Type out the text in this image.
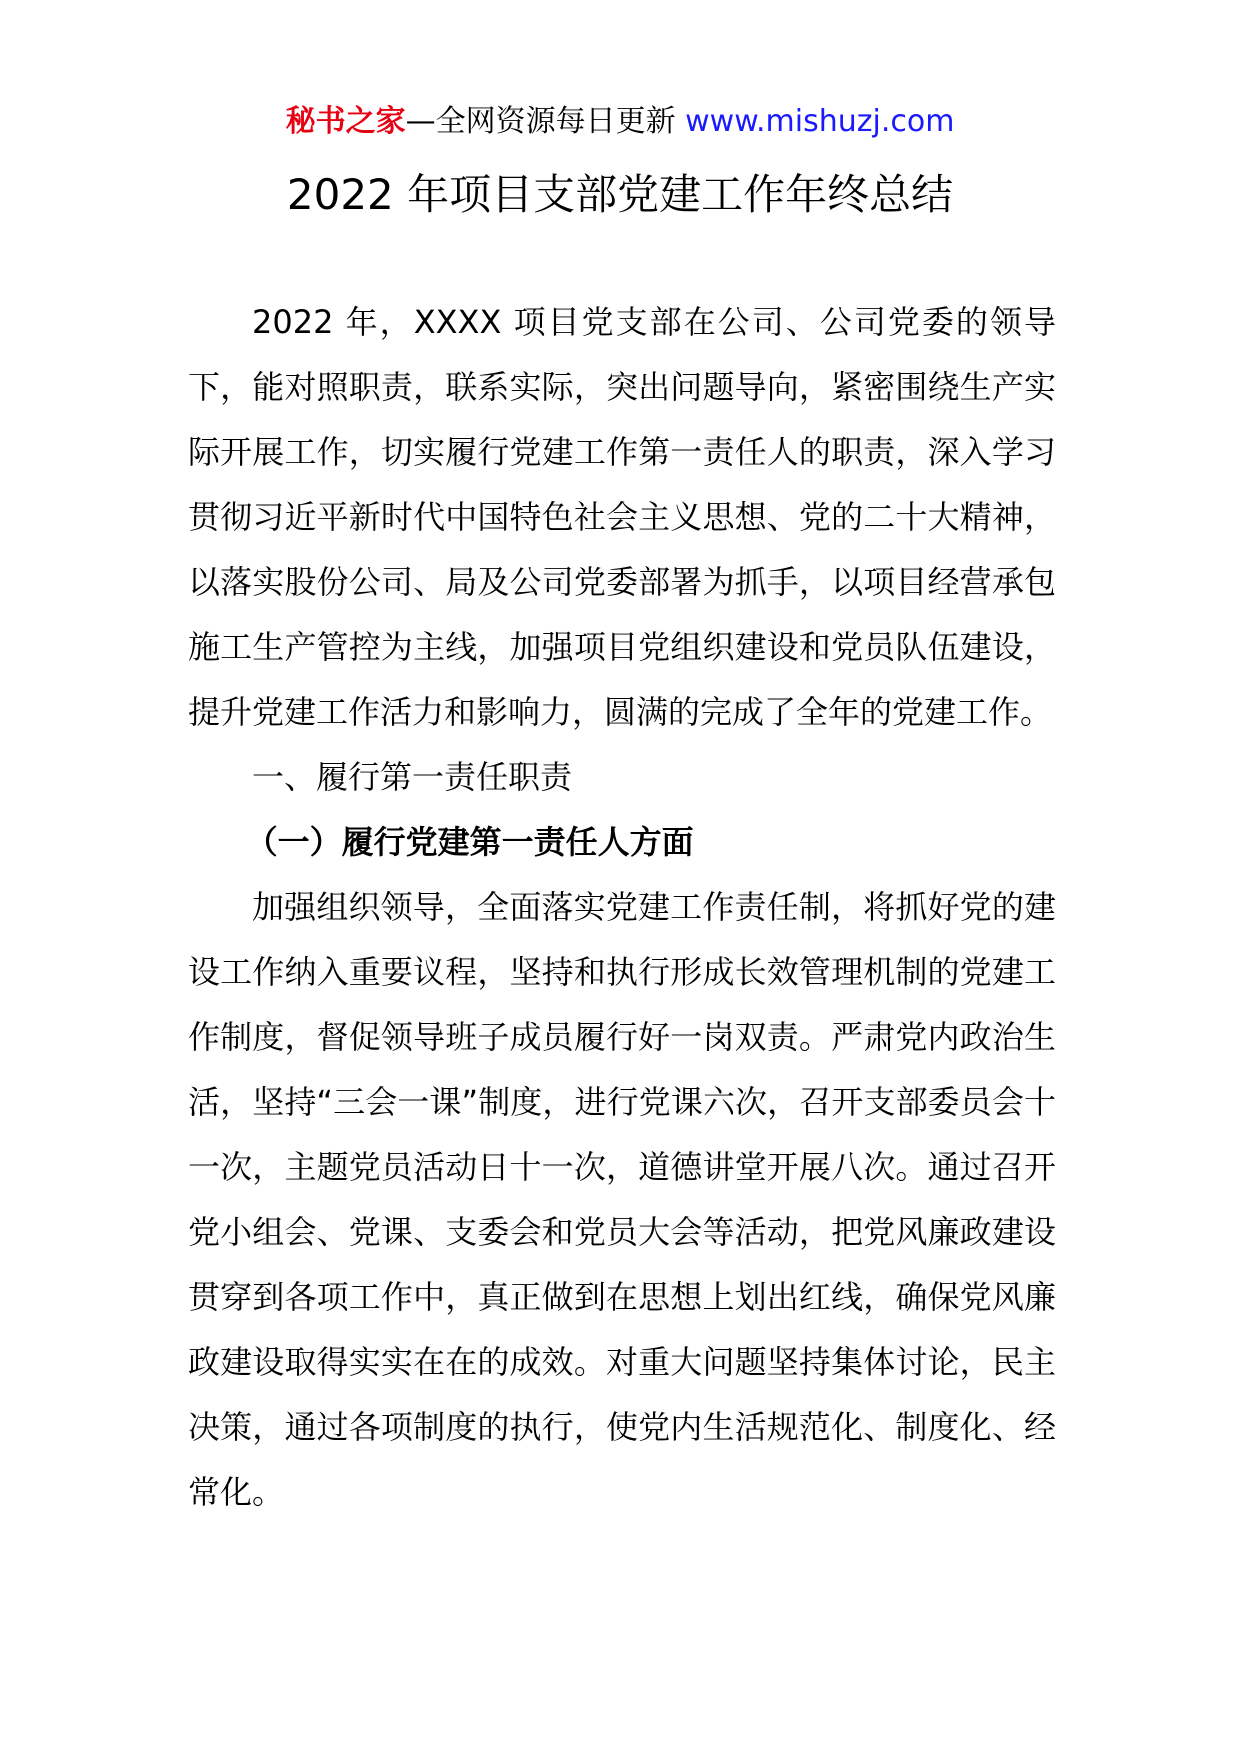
秘书之家—全网资源每日更新 www.mishuzj.com
2022 年项目支部党建工作年终总结

2022 年，XXXX 项目党支部在公司、公司党委的领导下，能对照职责，联系实际，突出问题导向，紧密围绕生产实际开展工作，切实履行党建工作第一责任人的职责，深入学习贯彻习近平新时代中国特色社会主义思想、党的二十大精神，以落实股份公司、局及公司党委部署为抓手，以项目经营承包施工生产管控为主线，加强项目党组织建设和党员队伍建设，提升党建工作活力和影响力，圆满的完成了全年的党建工作。

一、履行第一责任职责

（一）履行党建第一责任人方面

加强组织领导，全面落实党建工作责任制，将抓好党的建设工作纳入重要议程，坚持和执行形成长效管理机制的党建工作制度，督促领导班子成员履行好一岗双责。严肃党内政治生活，坚持“三会一课”制度，进行党课六次，召开支部委员会十一次，主题党员活动日十一次，道德讲堂开展八次。通过召开党小组会、党课、支委会和党员大会等活动，把党风廉政建设贯穿到各项工作中，真正做到在思想上划出红线，确保党风廉政建设取得实实在在的成效。对重大问题坚持集体讨论，民主决策，通过各项制度的执行，使党内生活规范化、制度化、经常化。
